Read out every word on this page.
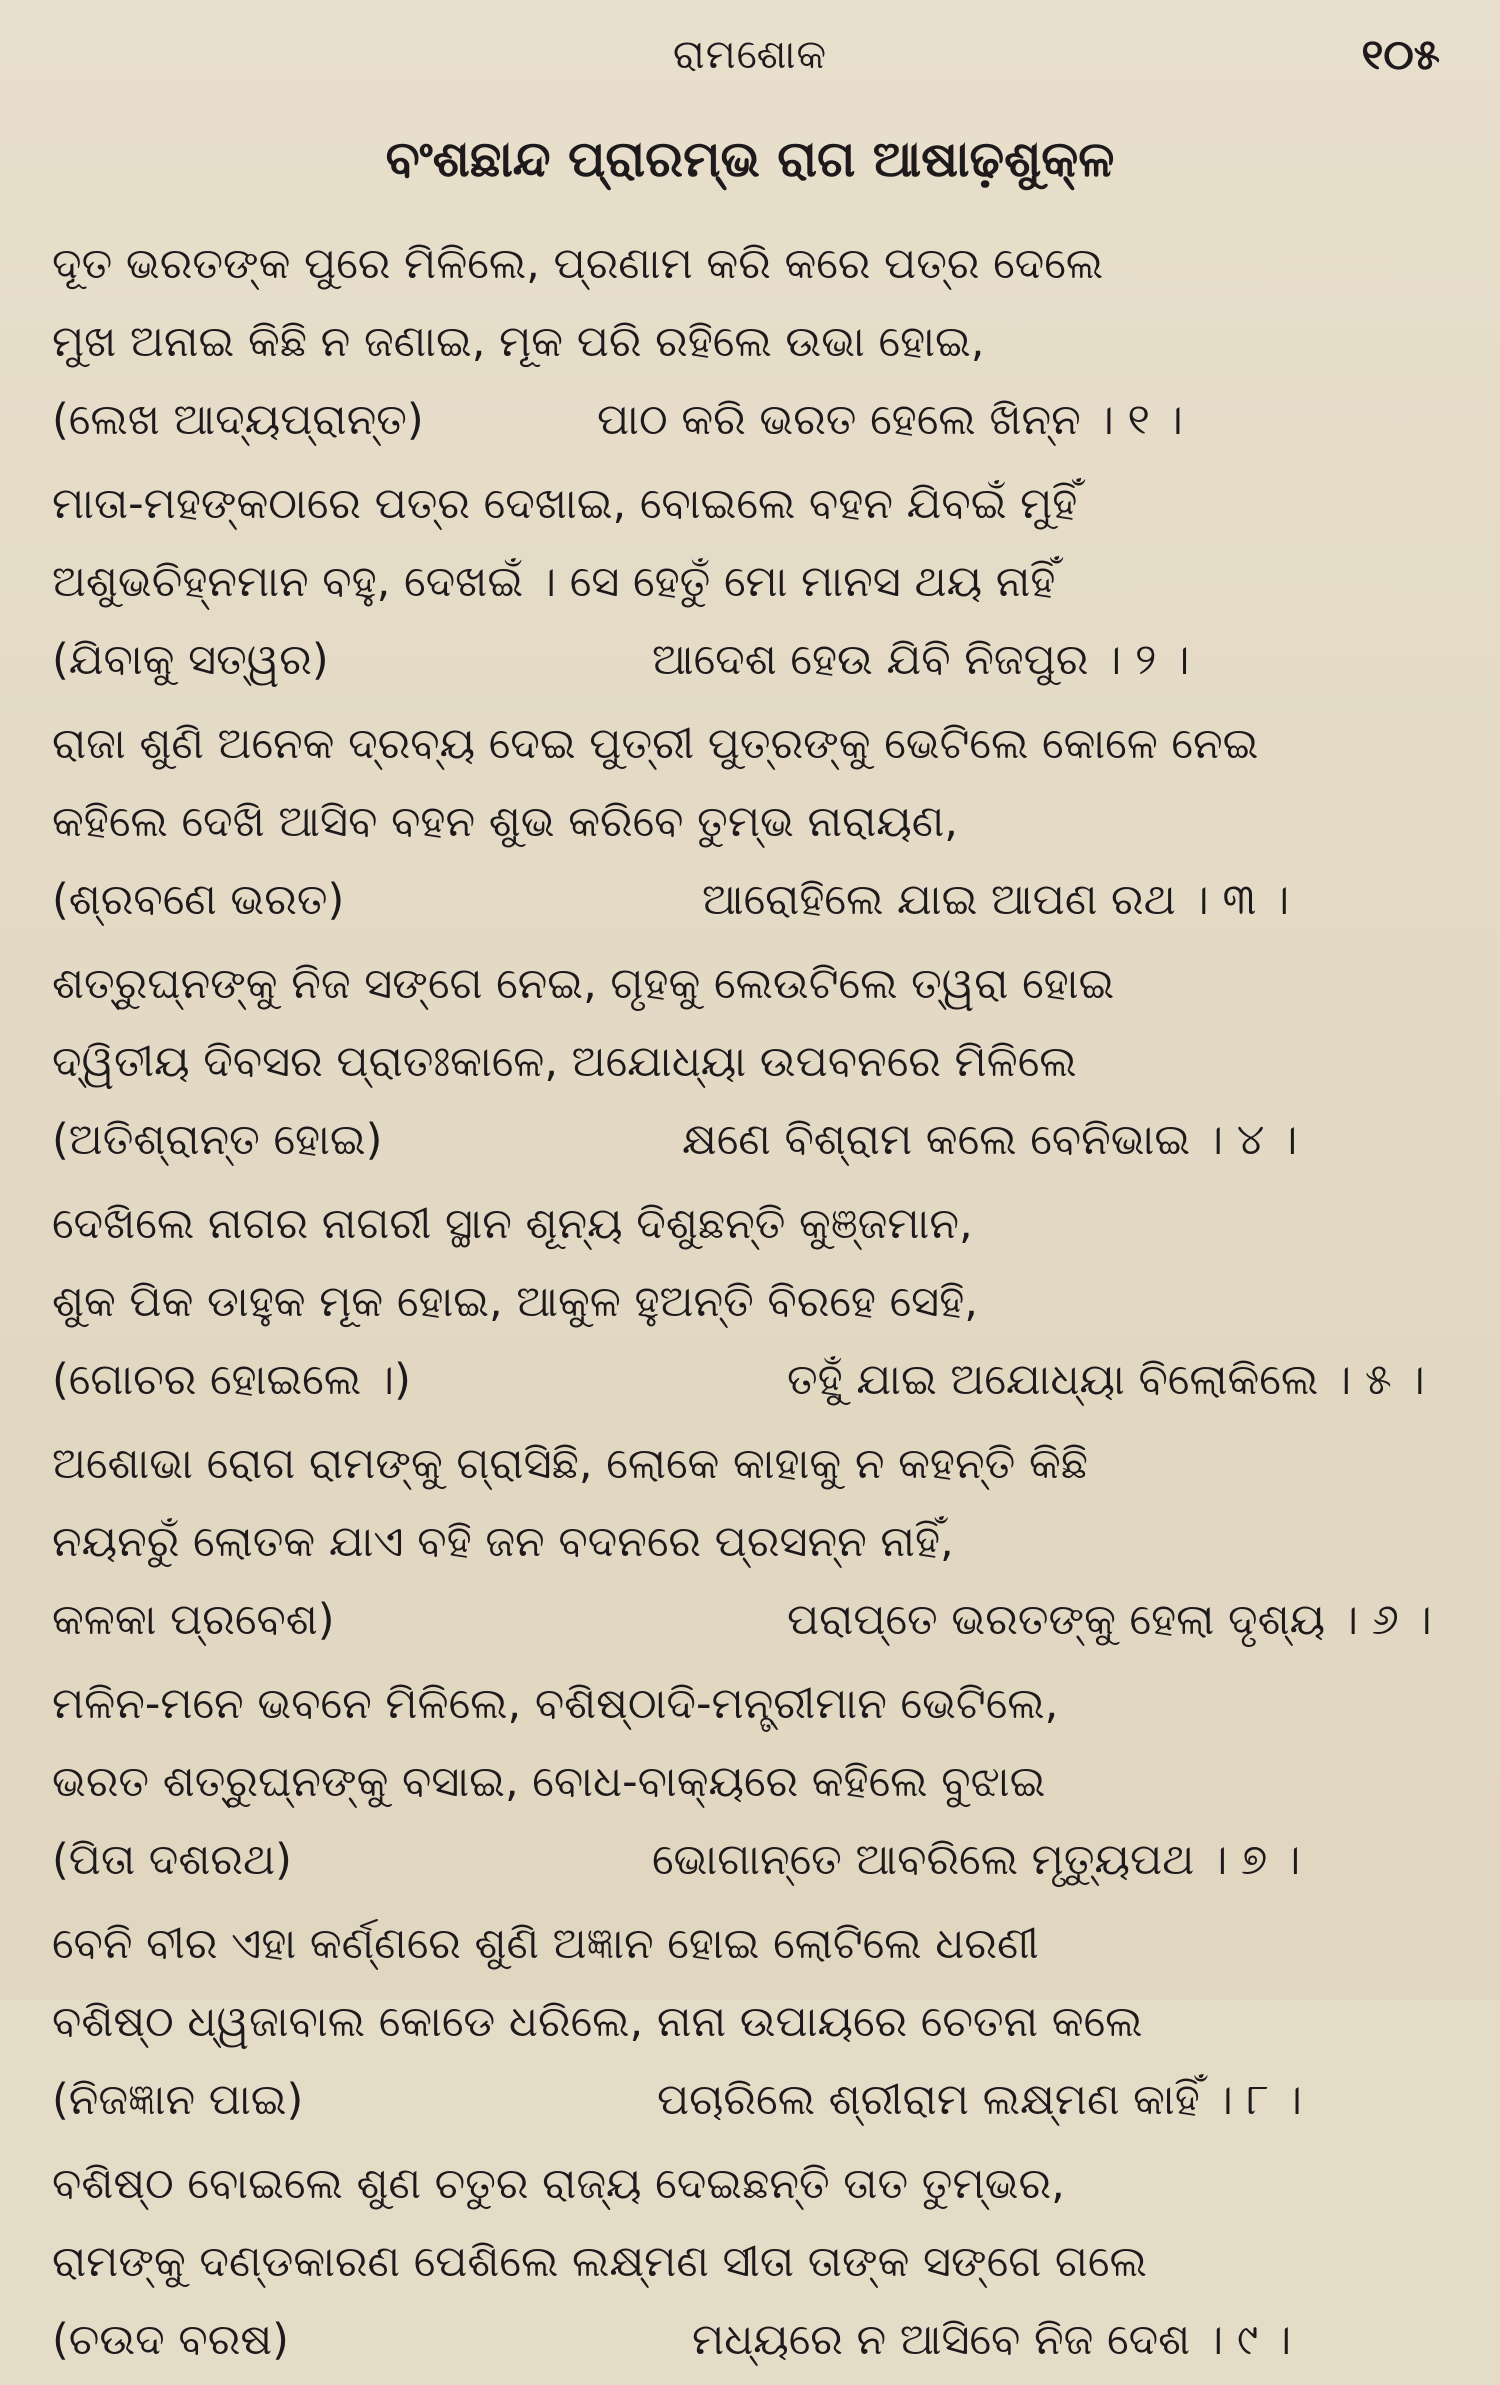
ରାମଶୋକ	୧୦୫
ବଂଶଛାନ୍ଦ ପ୍ରାରମ୍ଭ ରାଗ ଆଷାଢ଼ଶୁକ୍ଳ
ଦୂତ ଭରତଙ୍କ ପୁରେ ମିଳିଲେ, ପ୍ରଣାମ କରି କରେ ପତ୍ର ଦେଲେ
ମୁଖ ଅନାଇ କିଛି ନ ଜଣାଇ, ମୂକ ପରି ରହିଲେ ଉଭା ହୋଇ,
(ଲେଖ ଆଦ୍ୟପ୍ରାନ୍ତ)	ପାଠ କରି ଭରତ ହେଲେ ଖିନ୍ନ । ୧ ।
ମାତା-ମହଙ୍କଠାରେ ପତ୍ର ଦେଖାଇ, ବୋଇଲେ ବହନ ଯିବଇଁ ମୁହିଁ
ଅଶୁଭଚିହ୍ନମାନ ବହୁ, ଦେଖଇଁ । ସେ ହେତୁଁ ମୋ ମାନସ ଥୟ ନାହିଁ
(ଯିବାକୁ ସତ୍ୱର)	ଆଦେଶ ହେଉ ଯିବି ନିଜପୁର । ୨ ।
ରାଜା ଶୁଣି ଅନେକ ଦ୍ରବ୍ୟ ଦେଇ ପୁତ୍ରୀ ପୁତ୍ରଙ୍କୁ ଭେଟିଲେ କୋଳେ ନେଇ
କହିଲେ ଦେଖି ଆସିବ ବହନ ଶୁଭ କରିବେ ତୁମ୍ଭ ନାରାୟଣ,
(ଶ୍ରବଣେ ଭରତ)	ଆରୋହିଲେ ଯାଇ ଆପଣ ରଥ । ୩ ।
ଶତ୍ରୁଘ୍ନଙ୍କୁ ନିଜ ସଙ୍ଗେ ନେଇ, ଗୃହକୁ ଲେଉଟିଲେ ତ୍ୱରା ହୋଇ
ଦ୍ୱିତୀୟ ଦିବସର ପ୍ରାତଃକାଳେ, ଅଯୋଧ୍ୟା ଉପବନରେ ମିଳିଲେ
(ଅତିଶ୍ରାନ୍ତ ହୋଇ)	କ୍ଷଣେ ବିଶ୍ରାମ କଲେ ବେନିଭାଇ । ୪ ।
ଦେଖିଲେ ନାଗର ନାଗରୀ ସ୍ଥାନ ଶୂନ୍ୟ ଦିଶୁଛନ୍ତି କୁଞ୍ଜମାନ,
ଶୁକ ପିକ ଡାହୁକ ମୂକ ହୋଇ, ଆକୁଳ ହୁଅନ୍ତି ବିରହେ ସେହି,
(ଗୋଚର ହୋଇଲେ ।)	ତହୁଁ ଯାଇ ଅଯୋଧ୍ୟା ବିଲୋକିଲେ । ୫ ।
ଅଶୋଭା ରୋଗ ରାମଙ୍କୁ ଗ୍ରାସିଛି, ଲୋକେ କାହାକୁ ନ କହନ୍ତି କିଛି
ନୟନରୁଁ ଲୋତକ ଯାଏ ବହି ଜନ ବଦନରେ ପ୍ରସନ୍ନ ନାହିଁ,
କଳକା ପ୍ରବେଶ)	ପରାପ୍ତେ ଭରତଙ୍କୁ ହେଲା ଦୃଶ୍ୟ । ୬ ।
ମଳିନ-ମନେ ଭବନେ ମିଳିଲେ, ବଶିଷ୍ଠାଦି-ମନ୍ତ୍ରୀମାନ ଭେଟିଲେ,
ଭରତ ଶତ୍ରୁଘ୍ନଙ୍କୁ ବସାଇ, ବୋଧ-ବାକ୍ୟରେ କହିଲେ ବୁଝାଇ
(ପିତା ଦଶରଥ)	ଭୋଗାନ୍ତେ ଆବରିଲେ ମୃତ୍ୟୁପଥ । ୭ ।
ବେନି ବୀର ଏହା କର୍ଣ୍ଣରେ ଶୁଣି ଅଜ୍ଞାନ ହୋଇ ଲୋଟିଲେ ଧରଣୀ
ବଶିଷ୍ଠ ଧ୍ୱଜାବାଲ କୋଡେ ଧରିଲେ, ନାନା ଉପାୟରେ ଚେତନା କଲେ
(ନିଜଜ୍ଞାନ ପାଇ)	ପଚାରିଲେ ଶ୍ରୀରାମ ଲକ୍ଷ୍ମଣ କାହିଁ । ୮ ।
ବଶିଷ୍ଠ ବୋଇଲେ ଶୁଣ ଚତୁର ରାଜ୍ୟ ଦେଇଛନ୍ତି ତାତ ତୁମ୍ଭର,
ରାମଙ୍କୁ ଦଣ୍ଡକାରଣ ପେଶିଲେ ଲକ୍ଷ୍ମଣ ସୀତା ତାଙ୍କ ସଙ୍ଗେ ଗଲେ
(ଚଉଦ ବରଷ)	ମଧ୍ୟରେ ନ ଆସିବେ ନିଜ ଦେଶ । ୯ ।
